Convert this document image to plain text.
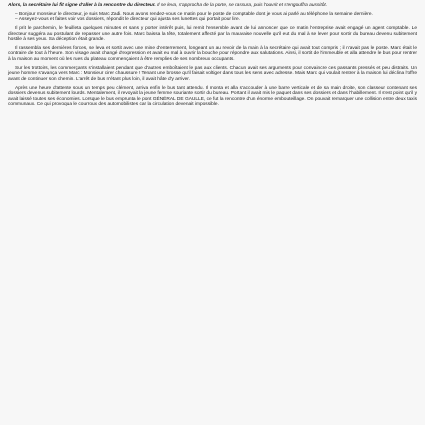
Alors, la secrétaire lui fit signe d'aller à la rencontre du directeur. Il se leva, s'approcha de la porte, se rassura, puis l'ouvrit et s'engouffra aussitôt.

– Bonjour monsieur le directeur, je suis Marc Zadi. Nous avons rendez-vous ce matin pour le poste de comptable dont je vous ai parlé au téléphone la semaine dernière.
– Asseyez-vous et faites voir vos dossiers, répondit le directeur qui ajusta ses lunettes qui portait pour lire.

Il prit le parchemin, le feuilleta quelques minutes et sans y porter intérêt puis, lui remit l'ensemble avant de lui annoncer que ce matin l'entreprise avait engagé un agent comptable. Le directeur suggéra au postulant de repasser une autre fois. Marc baissa la tête, totalement affecté par la mauvaise nouvelle qu'il eut du mal à se lever pour sortir du bureau devenu subitement hostile à ses yeux. Sa déception était grande.

Il rassembla ses dernières forces, se leva et sortit avec une mine d'enterrement, longeant un au revoir de la main à la secrétaire qui avait tout compris ; il n'avait pas le poste. Marc était le contraire de tout à l'heure. Son visage avait changé d'expression et avait eu mal à ouvrir la bouche pour répondre aux salutations. Ainsi, il sortit de l'immeuble et alla attendre le bus pour rentrer à la maison au moment où les rues du plateau commençaient à être remplies de ses nombreux occupants.

Sur les trottoirs, les commerçants s'installaient pendant que d'autres emboîtaient le pas aux clients. Chacun avait ses arguments pour convaincre ces passants pressés et peu distraits. Un jeune homme s'avança vers Marc : Monsieur cirer chaussure ! Tenant une brosse qu'il faisait voltiger dans tous les sens avec adresse. Mais Marc qui voulait rentrer à la maison lui déclina l'offre avant de continuer son chemin. L'arrêt de bus n'étant plus loin, il avait hâte d'y arriver.

Après une heure d'attente sous un temps peu clément, arriva enfin le bus tant attendu. Il monta et alla s'accouder à une barre verticale et de sa main droite, son classeur contenant ses dossiers devenus subitement lourds. Mentalement, il revoyait la jeune femme souriante sortir du bureau. Portant il avait mis le paquet dans ses dossiers et dans l'habillement. Il s'est point qu'il y avait laissé toutes ses économies. Lorsque le bus emprunta le pont GÉNÉRAL DE GAULLE, ce fut la rencontre d'un énorme embouteillage. On pouvait remarquer une collision entre deux taxis communaux. Ce qui provoqua le courroux des automobilistes car la circulation devenait impossible.
